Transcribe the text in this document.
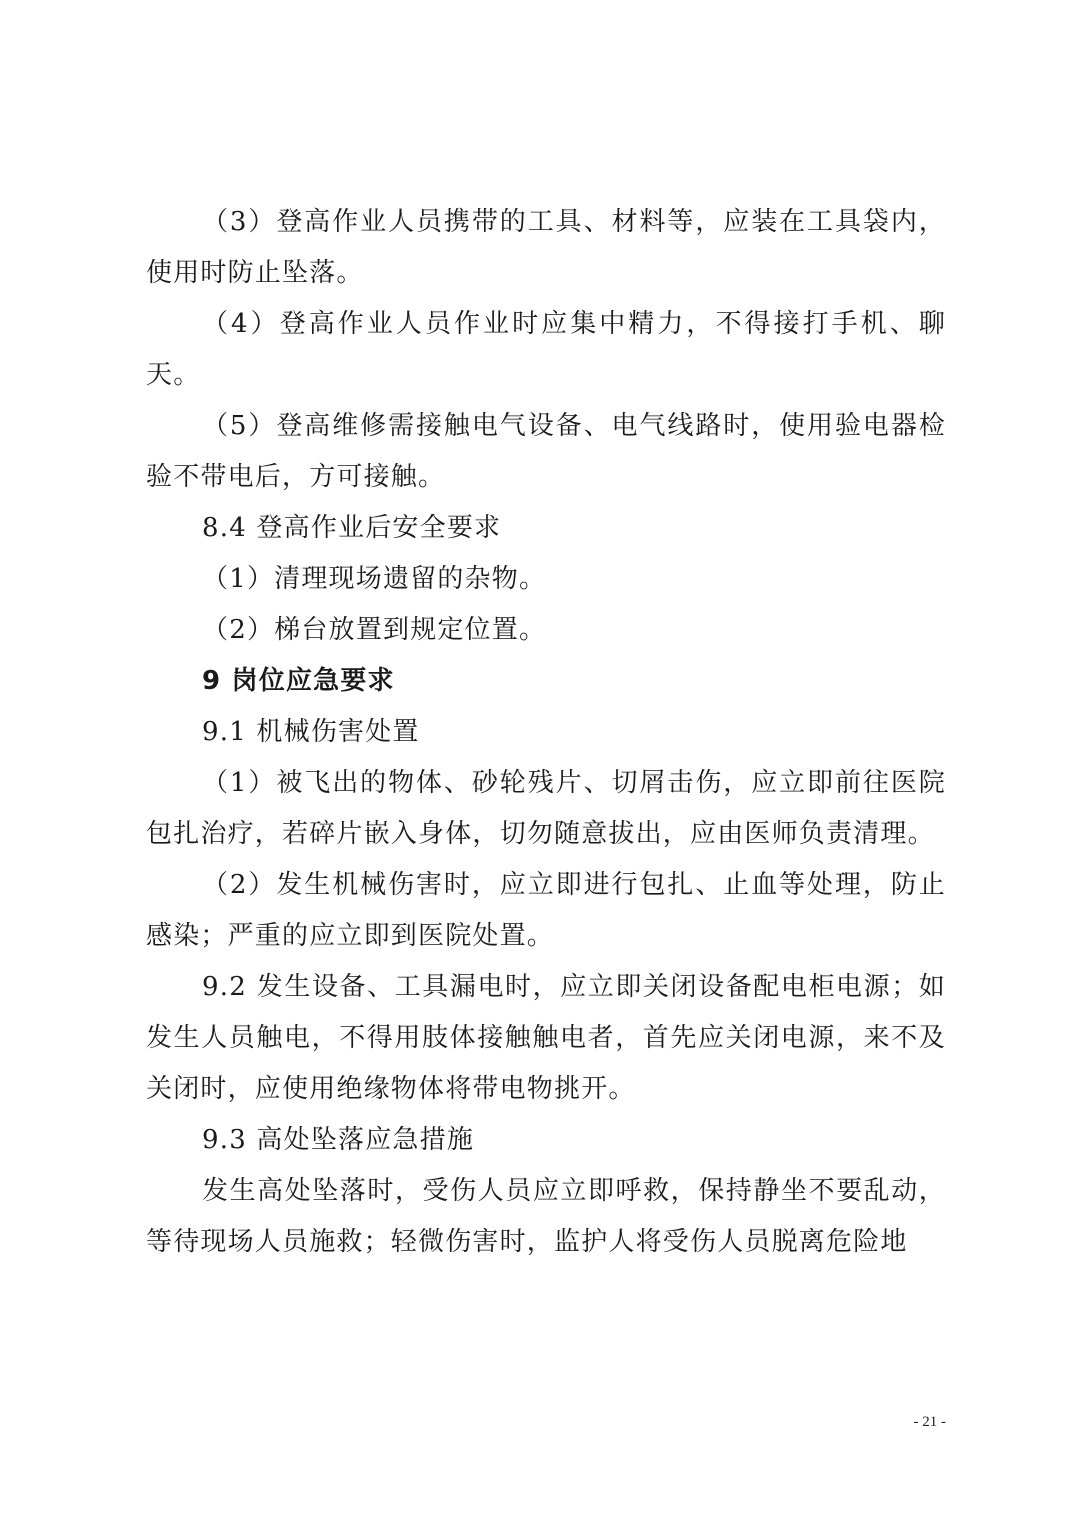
（3）登高作业人员携带的工具、材料等，应装在工具袋内，使用时防止坠落。

（4）登高作业人员作业时应集中精力，不得接打手机、聊天。

（5）登高维修需接触电气设备、电气线路时，使用验电器检验不带电后，方可接触。

8.4 登高作业后安全要求

（1）清理现场遗留的杂物。

（2）梯台放置到规定位置。

9 岗位应急要求

9.1 机械伤害处置

（1）被飞出的物体、砂轮残片、切屑击伤，应立即前往医院包扎治疗，若碎片嵌入身体，切勿随意拔出，应由医师负责清理。

（2）发生机械伤害时，应立即进行包扎、止血等处理，防止感染；严重的应立即到医院处置。

9.2 发生设备、工具漏电时，应立即关闭设备配电柜电源；如发生人员触电，不得用肢体接触触电者，首先应关闭电源，来不及关闭时，应使用绝缘物体将带电物挑开。

9.3 高处坠落应急措施

发生高处坠落时，受伤人员应立即呼救，保持静坐不要乱动，等待现场人员施救；轻微伤害时，监护人将受伤人员脱离危险地

- 21 -
